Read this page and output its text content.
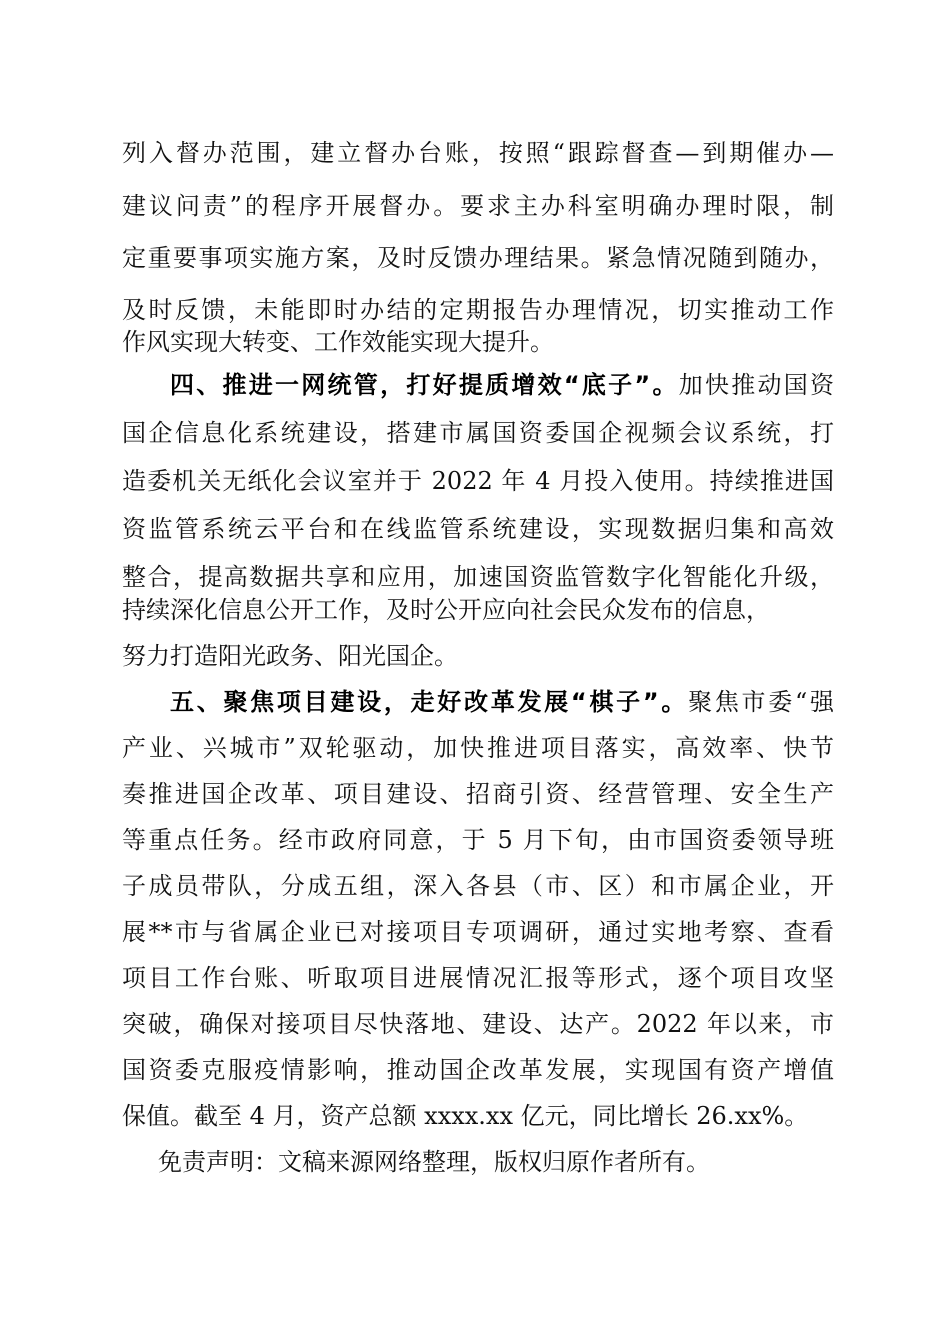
列入督办范围，建立督办台账，按照“跟踪督查—到期催办—

建议问责”的程序开展督办。要求主办科室明确办理时限，制

定重要事项实施方案，及时反馈办理结果。紧急情况随到随办，

及时反馈，未能即时办结的定期报告办理情况，切实推动工作

作风实现大转变、工作效能实现大提升。

四、推进一网统管，打好提质增效“底子”。加快推动国资

国企信息化系统建设，搭建市属国资委国企视频会议系统，打

造委机关无纸化会议室并于 2022 年 4 月投入使用。持续推进国

资监管系统云平台和在线监管系统建设，实现数据归集和高效

整合，提高数据共享和应用，加速国资监管数字化智能化升级，

持续深化信息公开工作，及时公开应向社会民众发布的信息，

努力打造阳光政务、阳光国企。

五、聚焦项目建设，走好改革发展“棋子”。聚焦市委“强

产业、兴城市”双轮驱动，加快推进项目落实，高效率、快节

奏推进国企改革、项目建设、招商引资、经营管理、安全生产

等重点任务。经市政府同意，于 5 月下旬，由市国资委领导班

子成员带队，分成五组，深入各县（市、区）和市属企业，开

展**市与省属企业已对接项目专项调研，通过实地考察、查看

项目工作台账、听取项目进展情况汇报等形式，逐个项目攻坚

突破，确保对接项目尽快落地、建设、达产。2022 年以来，市

国资委克服疫情影响，推动国企改革发展，实现国有资产增值

保值。截至 4 月，资产总额 xxxx.xx 亿元，同比增长 26.xx%。

免责声明：文稿来源网络整理，版权归原作者所有。
